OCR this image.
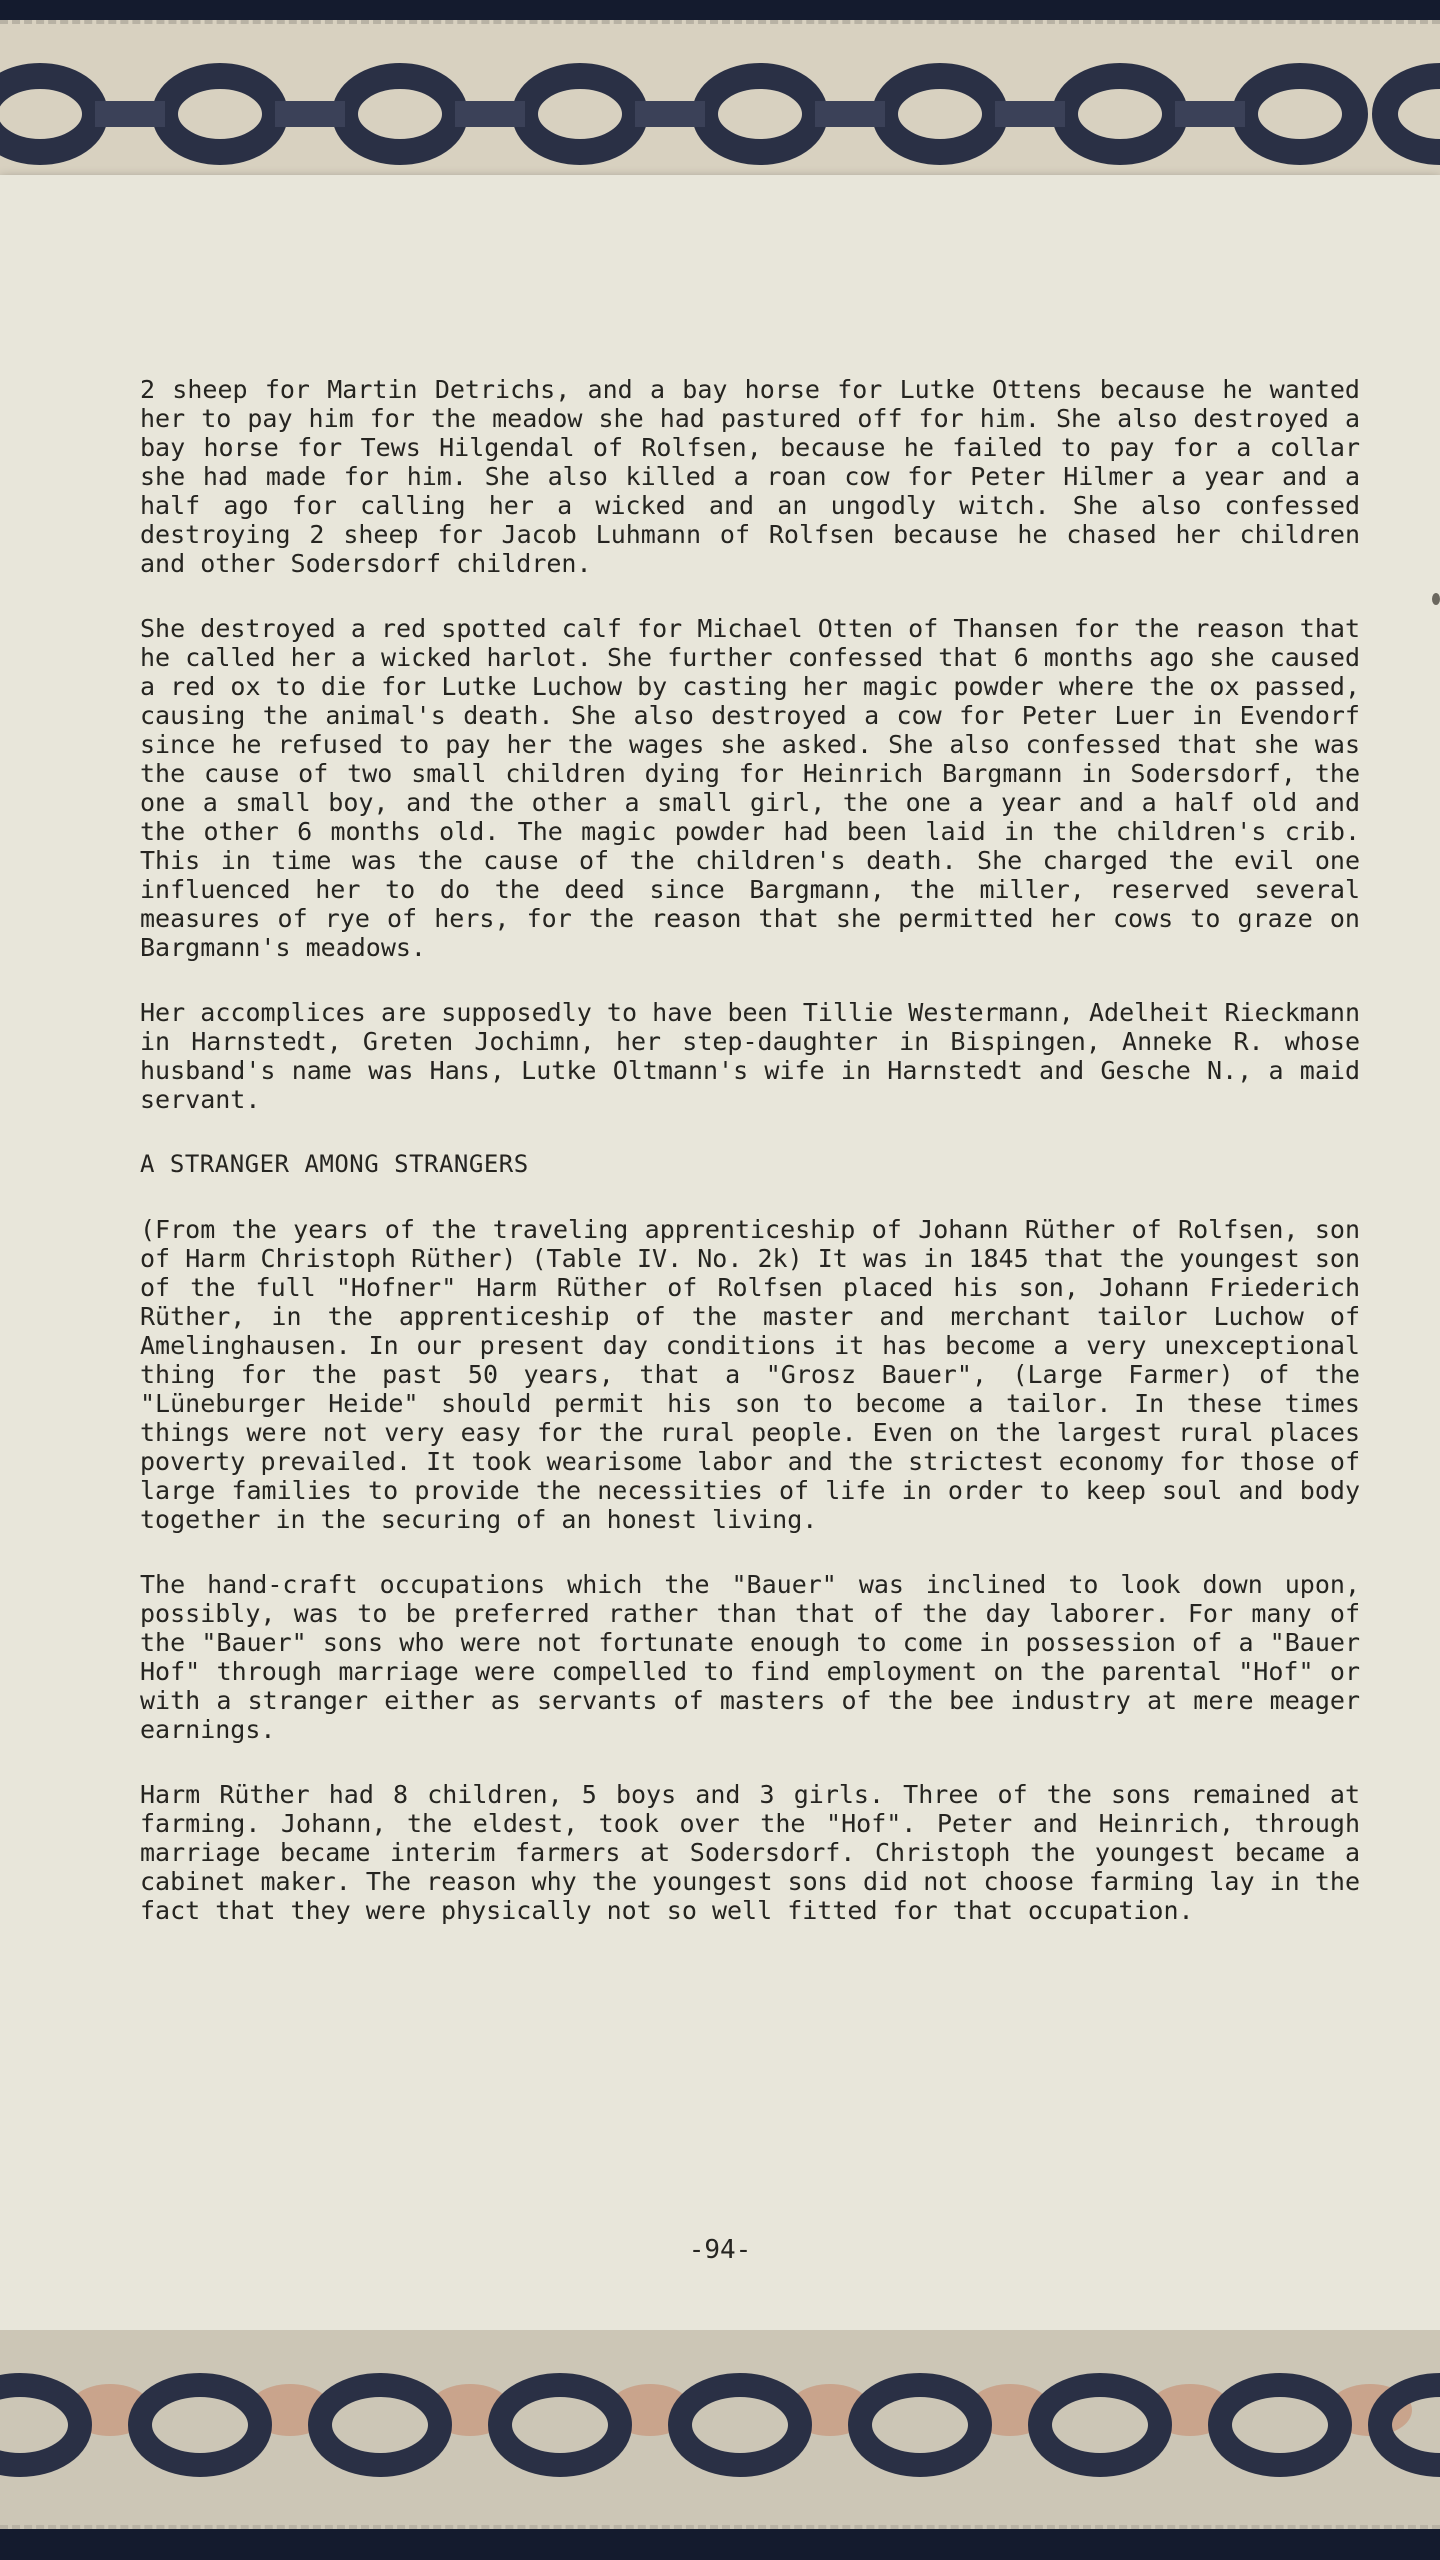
2 sheep for Martin Detrichs, and a bay horse for Lutke Ottens because he wanted her to pay him for the meadow she had pastured off for him. She also destroyed a bay horse for Tews Hilgendal of Rolfsen, because he failed to pay for a collar she had made for him. She also killed a roan cow for Peter Hilmer a year and a half ago for calling her a wicked and an ungodly witch. She also confessed destroying 2 sheep for Jacob Luhmann of Rolfsen because he chased her children and other Sodersdorf children.

She destroyed a red spotted calf for Michael Otten of Thansen for the reason that he called her a wicked harlot. She further confessed that 6 months ago she caused a red ox to die for Lutke Luchow by casting her magic powder where the ox passed, causing the animal's death. She also destroyed a cow for Peter Luer in Evendorf since he refused to pay her the wages she asked. She also confessed that she was the cause of two small children dying for Heinrich Bargmann in Sodersdorf, the one a small boy, and the other a small girl, the one a year and a half old and the other 6 months old. The magic powder had been laid in the children's crib. This in time was the cause of the children's death. She charged the evil one influenced her to do the deed since Bargmann, the miller, reserved several measures of rye of hers, for the reason that she permitted her cows to graze on Bargmann's meadows.

Her accomplices are supposedly to have been Tillie Westermann, Adelheit Rieckmann in Harnstedt, Greten Jochimn, her step-daughter in Bispingen, Anneke R. whose husband's name was Hans, Lutke Oltmann's wife in Harnstedt and Gesche N., a maid servant.

A STRANGER AMONG STRANGERS

(From the years of the traveling apprenticeship of Johann Rüther of Rolfsen, son of Harm Christoph Rüther) (Table IV. No. 2k) It was in 1845 that the youngest son of the full "Hofner" Harm Rüther of Rolfsen placed his son, Johann Friederich Rüther, in the apprenticeship of the master and merchant tailor Luchow of Amelinghausen. In our present day conditions it has become a very unexceptional thing for the past 50 years, that a "Grosz Bauer", (Large Farmer) of the "Lüneburger Heide" should permit his son to become a tailor. In these times things were not very easy for the rural people. Even on the largest rural places poverty prevailed. It took wearisome labor and the strictest economy for those of large families to provide the necessities of life in order to keep soul and body together in the securing of an honest living.

The hand-craft occupations which the "Bauer" was inclined to look down upon, possibly, was to be preferred rather than that of the day laborer. For many of the "Bauer" sons who were not fortunate enough to come in possession of a "Bauer Hof" through marriage were compelled to find employment on the parental "Hof" or with a stranger either as servants of masters of the bee industry at mere meager earnings.

Harm Rüther had 8 children, 5 boys and 3 girls. Three of the sons remained at farming. Johann, the eldest, took over the "Hof". Peter and Heinrich, through marriage became interim farmers at Sodersdorf. Christoph the youngest became a cabinet maker. The reason why the youngest sons did not choose farming lay in the fact that they were physically not so well fitted for that occupation.

-94-
